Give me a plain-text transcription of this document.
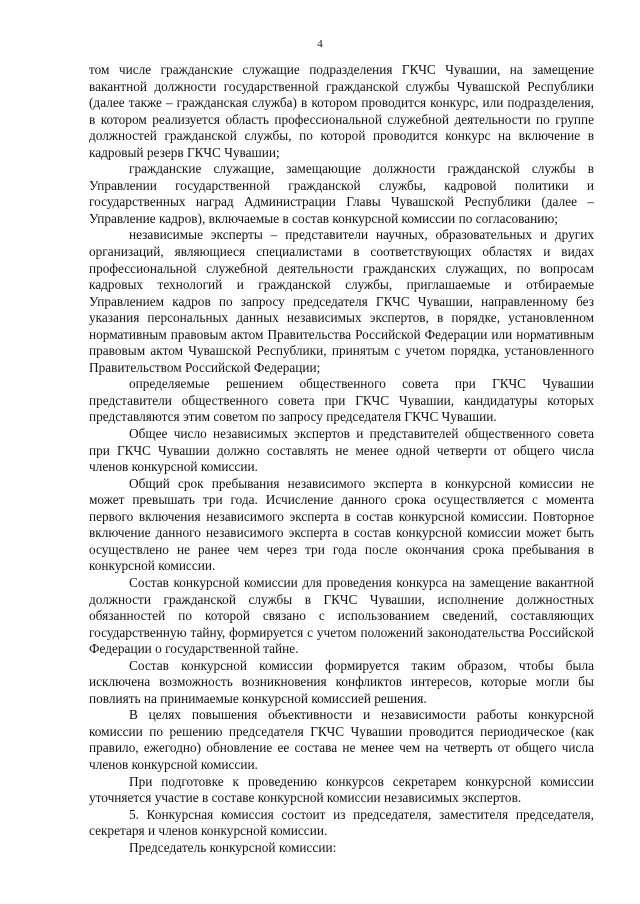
4

том числе гражданские служащие подразделения ГКЧС Чувашии, на замещение вакантной должности государственной гражданской службы Чувашской Республики (далее также – гражданская служба) в котором проводится конкурс, или подразделения, в котором реализуется область профессиональной служебной деятельности по группе должностей гражданской службы, по которой проводится конкурс на включение в кадровый резерв ГКЧС Чувашии;

гражданские служащие, замещающие должности гражданской службы в Управлении государственной гражданской службы, кадровой политики и государственных наград Администрации Главы Чувашской Республики (далее – Управление кадров), включаемые в состав конкурсной комиссии по согласованию;

независимые эксперты – представители научных, образовательных и других организаций, являющиеся специалистами в соответствующих областях и видах профессиональной служебной деятельности гражданских служащих, по вопросам кадровых технологий и гражданской службы, приглашаемые и отбираемые Управлением кадров по запросу председателя ГКЧС Чувашии, направленному без указания персональных данных независимых экспертов, в порядке, установленном нормативным правовым актом Правительства Российской Федерации или нормативным правовым актом Чувашской Республики, принятым с учетом порядка, установленного Правительством Российской Федерации;

определяемые решением общественного совета при ГКЧС Чувашии представители общественного совета при ГКЧС Чувашии, кандидатуры которых представляются этим советом по запросу председателя ГКЧС Чувашии.

Общее число независимых экспертов и представителей общественного совета при ГКЧС Чувашии должно составлять не менее одной четверти от общего числа членов конкурсной комиссии.

Общий срок пребывания независимого эксперта в конкурсной комиссии не может превышать три года. Исчисление данного срока осуществляется с момента первого включения независимого эксперта в состав конкурсной комиссии. Повторное включение данного независимого эксперта в состав конкурсной комиссии может быть осуществлено не ранее чем через три года после окончания срока пребывания в конкурсной комиссии.

Состав конкурсной комиссии для проведения конкурса на замещение вакантной должности гражданской службы в ГКЧС Чувашии, исполнение должностных обязанностей по которой связано с использованием сведений, составляющих государственную тайну, формируется с учетом положений законодательства Российской Федерации о государственной тайне.

Состав конкурсной комиссии формируется таким образом, чтобы была исключена возможность возникновения конфликтов интересов, которые могли бы повлиять на принимаемые конкурсной комиссией решения.

В целях повышения объективности и независимости работы конкурсной комиссии по решению председателя ГКЧС Чувашии проводится периодическое (как правило, ежегодно) обновление ее состава не менее чем на четверть от общего числа членов конкурсной комиссии.

При подготовке к проведению конкурсов секретарем конкурсной комиссии уточняется участие в составе конкурсной комиссии независимых экспертов.

5. Конкурсная комиссия состоит из председателя, заместителя председателя, секретаря и членов конкурсной комиссии.

Председатель конкурсной комиссии:
